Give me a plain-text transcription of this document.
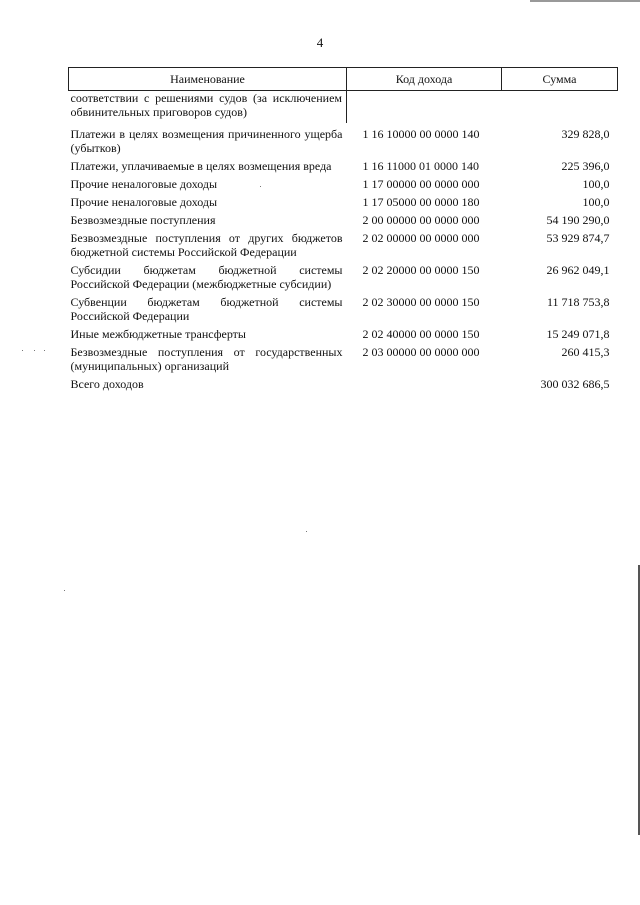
4
Наименование	Код дохода	Сумма
соответствии с решениями судов (за исключением обвинительных приговоров судов)		
Платежи в целях возмещения причиненного ущерба (убытков)	1 16 10000 00 0000 140	329 828,0
Платежи, уплачиваемые в целях возмещения вреда	1 16 11000 01 0000 140	225 396,0
Прочие неналоговые доходы	1 17 00000 00 0000 000	100,0
Прочие неналоговые доходы	1 17 05000 00 0000 180	100,0
Безвозмездные поступления	2 00 00000 00 0000 000	54 190 290,0
Безвозмездные поступления от других бюджетов бюджетной системы Российской Федерации	2 02 00000 00 0000 000	53 929 874,7
Субсидии бюджетам бюджетной системы Российской Федерации (межбюджетные субсидии)	2 02 20000 00 0000 150	26 962 049,1
Субвенции бюджетам бюджетной системы Российской Федерации	2 02 30000 00 0000 150	11 718 753,8
Иные межбюджетные трансферты	2 02 40000 00 0000 150	15 249 071,8
Безвозмездные поступления от государственных (муниципальных) организаций	2 03 00000 00 0000 000	260 415,3
Всего доходов		300 032 686,5
